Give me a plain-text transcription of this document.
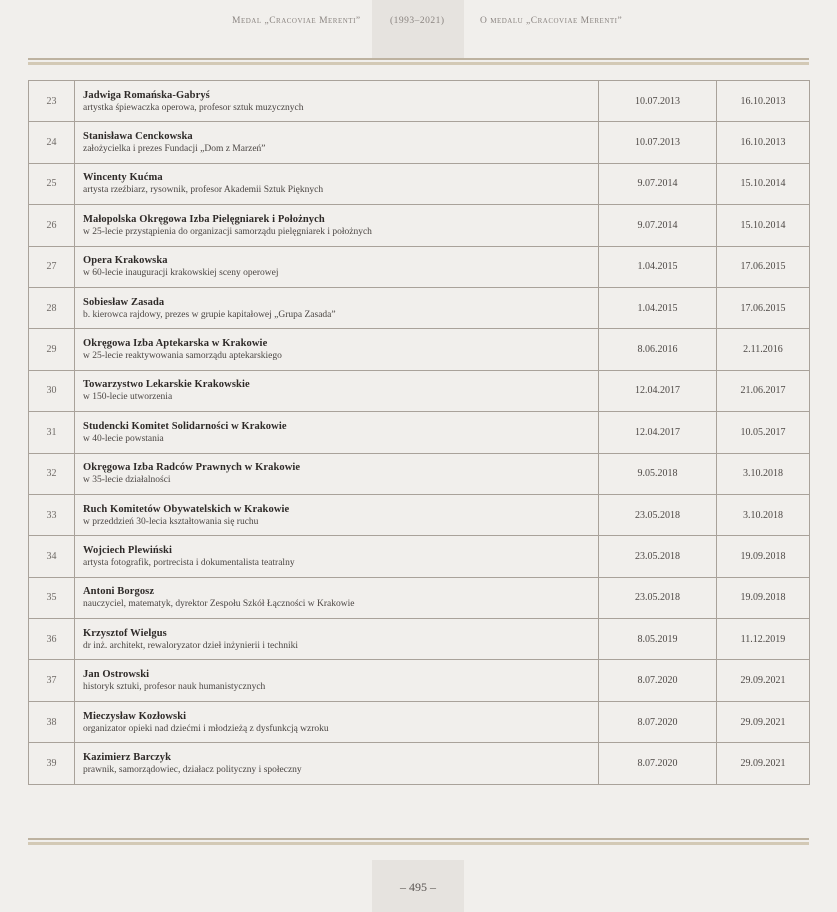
Medal „Cracoviae Merenti”	(1993–2021)	O medalu „Cracoviae Merenti”
23	Jadwiga Romańska-Gabryś
artystka śpiewaczka operowa, profesor sztuk muzycznych	10.07.2013	16.10.2013
24	Stanisława Cenckowska
założycielka i prezes Fundacji „Dom z Marzeń”	10.07.2013	16.10.2013
25	Wincenty Kućma
artysta rzeźbiarz, rysownik, profesor Akademii Sztuk Pięknych	9.07.2014	15.10.2014
26	Małopolska Okręgowa Izba Pielęgniarek i Położnych
w 25-lecie przystąpienia do organizacji samorządu pielęgniarek i położnych	9.07.2014	15.10.2014
27	Opera Krakowska
w 60-lecie inauguracji krakowskiej sceny operowej	1.04.2015	17.06.2015
28	Sobiesław Zasada
b. kierowca rajdowy, prezes w grupie kapitałowej „Grupa Zasada”	1.04.2015	17.06.2015
29	Okręgowa Izba Aptekarska w Krakowie
w 25-lecie reaktywowania samorządu aptekarskiego	8.06.2016	2.11.2016
30	Towarzystwo Lekarskie Krakowskie
w 150-lecie utworzenia	12.04.2017	21.06.2017
31	Studencki Komitet Solidarności w Krakowie
w 40-lecie powstania	12.04.2017	10.05.2017
32	Okręgowa Izba Radców Prawnych w Krakowie
w 35-lecie działalności	9.05.2018	3.10.2018
33	Ruch Komitetów Obywatelskich w Krakowie
w przeddzień 30-lecia kształtowania się ruchu	23.05.2018	3.10.2018
34	Wojciech Plewiński
artysta fotografik, portrecista i dokumentalista teatralny	23.05.2018	19.09.2018
35	Antoni Borgosz
nauczyciel, matematyk, dyrektor Zespołu Szkół Łączności w Krakowie	23.05.2018	19.09.2018
36	Krzysztof Wielgus
dr inż. architekt, rewaloryzator dzieł inżynierii i techniki	8.05.2019	11.12.2019
37	Jan Ostrowski
historyk sztuki, profesor nauk humanistycznych	8.07.2020	29.09.2021
38	Mieczysław Kozłowski
organizator opieki nad dziećmi i młodzieżą z dysfunkcją wzroku	8.07.2020	29.09.2021
39	Kazimierz Barczyk
prawnik, samorządowiec, działacz polityczny i społeczny	8.07.2020	29.09.2021
– 495 –
